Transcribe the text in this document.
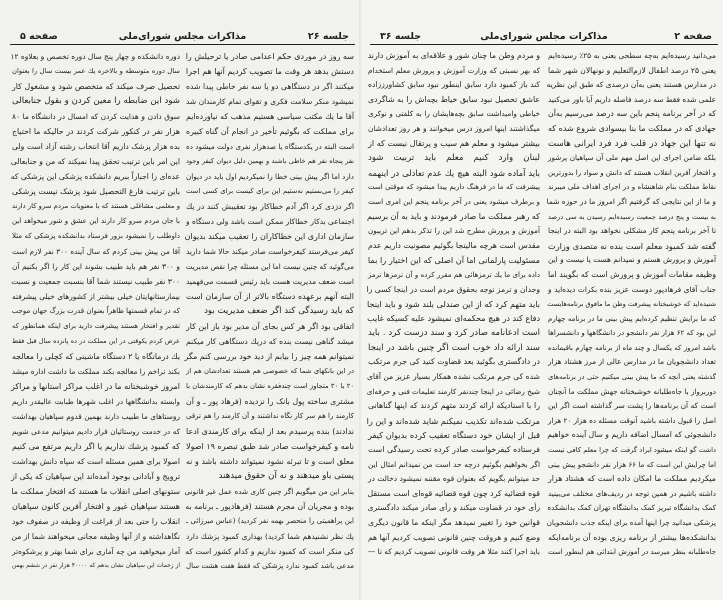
جلسه ۲۶
مذاکرات مجلس شورای‌ملی
صفحه ۵
سه روز در موردی حکم اعدامی صادر یا ترحیلش را
دستش بدهد هر وقت ما تصویب کردیم آنها هم اجرا
میکنند اگر در دستگاهی دو یا سه نفر خاطی پیدا شده
نمیشود منکر سلامت فکری و تقوای تمام کارمندان شد
آقا ما یك مکتب سیاسی هستیم مذهب که نیاورده‌ایم
برای مملکت که بگوئیم تأخیر در انجام آن گناه کبیره
است البته در یکدستگاه یا صدهزار نفری دولت میشود ده
نفر پنجاه نفر هم خاطی باشند و بهمین دلیل دیوان کیفر وجود
دارد اما اگر پیش بینی خطا را نمیکردیم اول باید در دیوان
کیفر را می‌بستیم نه‌ستیم این برای کیست برای کسی است
اگر دزدی کرد اگر آدم خطاکار بود تعقیبش کنند در یك
اجتماعی بدکار خطاکار ممکن است باشد ولی دستگاه و
سازمان اداری این خطاکاران را تعقیب میکند بدیوان
کیفر می‌فرستد کیفرخواست صادر میکند حالا شما دارید
می‌گوئید که چنین نیست اما این مسئله چرا نقص مدیریت
است ضعف مدیریت هست باید رئیس قسمت می‌فهمید
البته آنهم برعهده دستگاه بالاتر از آن سازمان است
که باید رسیدگی کند اگر ضعف مدیریت بود
اتفاقی بود اگر هر کس بجای آن مدیر بود باز این کار
میشد گناهی نیست بنده که دریك دستگاهی کار میکنم
نمیتوانم همه چیز را بیابم از دید خود بررسی کنم مگر
در این بانکهای شما که خصوصی هم هستند تعدادشان هم از
۲۰ یا ۳۰ متجاوز است چندفقره نشان بدهم که کارمندشان با
مشتری ساخته پول بانک را نزدیده (فرهاد پور ـ و آن
کارمند را هم سر کار نگاه نداشتند و آن کارمند را هم ترقی
ندادند) بنده پرسیدم بعد از اینکه برای کارمندی ادعا
نامه و کیفرخواست صادر شد طبق تبصره ۱۹ اصولا
معلق است و تا تبرئه نشود نمیتواند داشته باشد و نه
پستی باو میدهند و نه آن حقوق میدهند
بنابر این من میگویم اگر چنین کاری شده عمل غیر قانونی
بوده و مجریان آن مجرم هستند (فرهادپور ـ برنامه به
این پراهمیتی را منحصر بهمه نفر کردید) (عباس میرزائی ـ
یك نظر نشنیدهم شما کردید) بهداری کمبود پزشك دارد
کی منکر است که کمبود نداریم و کدام کشور است که
مدعی باشد کمبود ندارد پزشکی که فقط هفت هشت سال
دوره دانشکده و چهار پنج سال دوره تخصص و بعلاوه ۱۲
سال دوره متوسطه و بالاخره یك عمر بیست سال را بعنوان
تحصیل صرف میکند که متخصص شود و مشغول کار
شود این ضابطه را معین کردن و بقول جنابعالی
سوق دادن و هدایت کردن که امسال در دانشگاه ما ۸۰
هزار نفر در کنکور شرکت کردند در حالیکه ما احتیاج
بده هزار پزشک داریم آقا انتخاب رشته آزاد است ولی
این امر باین ترتیب تحقق پیدا نمیکند که من و جنابعالی
عده‌ای را اجباراً ببریم دانشکده پزشکی این پزشکی که
باین ترتیب فارغ التحصیل شود پزشک نیست پزشکی
و معلمی مشاغلی هستند که با معنویات مردم سرو کار دارند
با جان مردم سرو کار دارند این عشق و شور میخواهد این
داوطلب را نمیشود بزور فرستاد بدانشکده پزشکی که مثلا
آقا من پیش بینی کردم که سال آینده ۳۰۰ نفر لازم است
و ۳۰۰ نفر هم باید طبیب بشوند این کار را اگر بکنیم آن
۳۰۰ نفر طبیب نیستند شما آقا بنسبت جمعیت و نسبت
بیمارستانهایتان خیلی بیشتر از کشورهای خیلی پیشرفته
که در تمام قسمتها ظاهراً بعنوان قدرت بزرگ جهان موجب
تقدیر و افتخار هستند پیشرفت دارید برای اینکه همانطور که
عرض کردم یکوقتی در این مملکت در ده پانزده سال قبل فقط
یك درمانگاه یا ۲ دستگاه ماشینی که کچلی را معالجه
بکند تراخم را معالجه بکند مملکت ما داشت اداره میشد
امروز خوشبختانه ما در اغلب مراکز استانها و مراکز
وابسته بدانشگاهها در اغلب شهرها طبابت عالیقدر داریم
روستاهای ما طبیب دارند بهمین قدوم سپاهیان بهداشت
که در خدمت روستائیان قرار دادیم میتوانیم مدعی شویم
که کمبود پزشك نداریم یا اگر داریم مرتفع می کنیم
اصولا برای همین مسئله است که سپاه دانش بهداشت
ترویج و آبادانی بوجود آمده‌اند این سپاهیان که یکی از
ستونهای اصلی انقلاب ما هستند که افتخار مملکت ما
هستند سپاهیان غیور و افتخار آفرین کانون سپاهیان
انقلاب را حتی بعد از فراغت از وظیفه در صفوف خود
نگاهداشته و از آنها وظیفه مجانی میخواهند شما از من
آمار میخواهید من چه آماری برای شما بهتر و پرشکوه‌تر
از زحمات این سپاهیان نشان بدهم که ۴۰۰۰۰ هزار نفر در ششم بهمن
صفحه ۲
مذاکرات مجلس شورای‌ملی
جلسه ۳۶
می‌دانید رسیده‌ایم به‌چه سطحی یعنی به ۲۵٪ رسیده‌ایم
یعنی ۲۵ درصد اطفال لازم‌التعلیم و نونهالان شهر شما
در مدارس هستند یعنی به‌آن درصدی که طبق این نظریه
علمی شده فقط سه درصد فاصله داریم آیا باور می‌کنید
که در آخر برنامه پنجم باین سه درصد می‌رسیم به‌آن
جهادی که در مملکت ما بنا بیسوادی شروع شده که
نه تنها این جهاد در قلب فرد فرد ایرانی هاست
بلکه ضامن اجرای این اصل مهم ملی آن سپاهیان پرشور
و افتخار آفرین انقلاب هستند که دانش و سواد را بدورترین
نقاط مملکت بنام شاهنشاه و در اجرای اهداف ملی میبرند
و ما از این نتایجی که گرفتیم اگر امروز ما در حوزه شما
به بیست و پنج درصد جمعیت رسیده‌ایم رسیدن به سی درصد
تا آخر برنامه پنجم کار مشکلی نخواهد بود البته در اینجا
گفته شد کمبود معلم است بنده نه متصدی وزارت
آموزش و پرورش هستم و نمیدانم هست یا نیست و این
وظیفه مقامات آموزش و پرورش است که بگویند اما
جناب آقای فرهادپور دوست عزیز بنده بکرات دیده‌اید و
شنیده‌اید که خوشبختانه پیشرفت وطن ما مافوق برنامه‌هایست
که ما برایش تنظیم کرده‌ایم پیش بینی ما در برنامه چهارم
این بود که ۶۲ هزار نفر دانشجو در دانشگاهها و دانشسراها
باشد امروز که یکسال و چند ماه از برنامه چهارم باقیمانده
تعداد دانشجویان ما در مدارس عالی از مرز هشتاد هزار
گذشته یعنی آنچه که ما پیش بینی میکنیم حتی در برنامه‌های
دوربرواز با جاه‌طلبانه خوشبختانه جهش مملکت ما آنچنان
است که آن برنامه‌ها را پشت سر گذاشته است اگر این
اصل را قبول داشته باشید آنوقت مسئله ده هزار ۲۰ هزار
دانشجوئی که امسال اضافه داریم و سال آینده خواهیم
داشت گو اینکه میشود ایراد گرفت که چرا معلم کافی نیست
اما چرایش این است که ما ۶۶ هزار نفر دانشجو پیش بینی
میکردیم مملکت ما امکان داده است که هشتاد هزار
داشته باشیم در همین توجه در ردیف‌های مختلف می‌بینید
کمک بدانشگاه تبریز کمک بدانشگاه تهران کمک بدانشکده
پزشکی میدانید چرا اینها آمده برای اینکه جذب دانشجویان
بدانشکده‌ها بیشتر از برنامه ریزی بوده آن برنامه‌ایکه
جاه‌طلبانه بنظر میرسد در آموزش ابتدائی هم اینطور است
و مردم وطن ما چنان شور و علاقه‌ای به آموزش دارند
که بهر نسبتی که وزارت آموزش و پرورش معلم استخدام
کند باز کمبود دارد سابق اینطور نبود سابق کشاورززاده
عاشق تحصیل نبود سابق خیاط بچه‌اش را به شاگردی
خیاطی وامیداشت سابق بچه‌هایشان را به کلفتی و نوکری
میگذاشتند اینها امروز درس میخوانند و هر روز تعدادشان
بیشتر میشود و معلم هم سیب و پرتقال نیست که از
لبنان وارد کنیم معلم باید تربیت شود
باید آماده شود البته هیچ یك عدم تعادلی در اینهمه
پیشرفت که ما در فرهنگ داریم پیدا میشود که موقتی است
و برطرف میشود یعنی در آخر برنامه پنجم این امری است
که رهبر مملکت ما صادر فرمودند و باید به آن برسیم
آموزش و پرورش مطرح شد این را تذکر بدهم این تریبون
مقدس است هرچه مالینجا بگوئیم مصونیت داریم عدم
مسئولیت پارلمانی اما آن اصلی که این اختیار را بما
داده برای ما یك ترمزهائی هم مقرر کرده و آن ترمزها ترمز
وجدان و ترمز توجه بحقوق مردم است در اینجا کسی را
باید متهم کرد که از این صندلی بلند شود و باید اینجا
دفاع کند در هیچ محکمه‌ای نمیشود علیه کسیکه غایب
است ادعانامه صادر کرد و سند درست کرد . باید
سند ارائه داد خوب است اگر چنین باشد در اینجا
در دادگستری بگوئید بعد قضاوت کنید کی جرم مرتکب
شده کی جرم مرتکب نشده همکار بسیار عزیز من آقای
شیخ رضائی در اینجا چندنفر کارمند تعلیمات فنی و حرفه‌ای
را با اسنادیکه ارائه کردند متهم کردند که اینها گناهانی
مرتکب شده‌اند تکذیب نمیکنم شاید شده‌اند و این را
قبل از ایشان خود دستگاه تعقیب کرده بدیوان کیفر
فرستاده کیفرخواست صادر کرده تحت رسیدگی است
اگر بخواهیم بگوئیم درچه حد است من نمیدانم امثال این
حد میتوانم بگویم که بعنوان قوه مقننه نمیشود دخالت در
قوه قضائیه کرد چون قوه قضائیه قوه‌ای است مستقل
رأی خود در قضاوت میکند و رأی صادر میکند دادگستری
قوانین خود را تغییر نمیدهد مگر اینکه ما قانون دیگری
وضع کنیم و هروقت چنین قانونی تصویب کردیم آنها هم
باید اجرا کنند مثلا هر وقت قانونی تصویب کردیم که تا —
